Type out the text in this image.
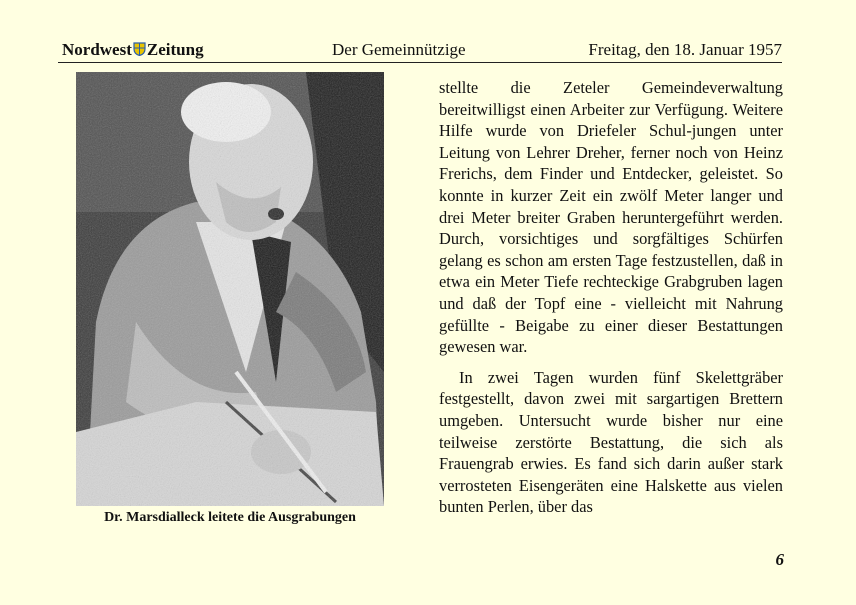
Nordwest Zeitung	Der Gemeinnützige	Freitag, den 18. Januar 1957
Dr. Marsdialleck leitete die Ausgrabungen

stellte die Zeteler Gemeindeverwaltung bereitwilligst einen Arbeiter zur Verfügung. Weitere Hilfe wurde von Driefeler Schul-jungen unter Leitung von Lehrer Dreher, ferner noch von Heinz Frerichs, dem Finder und Entdecker, geleistet. So konnte in kurzer Zeit ein zwölf Meter langer und drei Meter breiter Graben heruntergeführt werden. Durch, vorsichtiges und sorgfältiges Schürfen gelang es schon am ersten Tage festzustellen, daß in etwa ein Meter Tiefe rechteckige Grabgruben lagen und daß der Topf eine - vielleicht mit Nahrung gefüllte - Beigabe zu einer dieser Bestattungen gewesen war.

In zwei Tagen wurden fünf Skelettgräber festgestellt, davon zwei mit sargartigen Brettern umgeben. Untersucht wurde bisher nur eine teilweise zerstörte Bestattung, die sich als Frauengrab erwies. Es fand sich darin außer stark verrosteten Eisengeräten eine Halskette aus vielen bunten Perlen, über das

6
